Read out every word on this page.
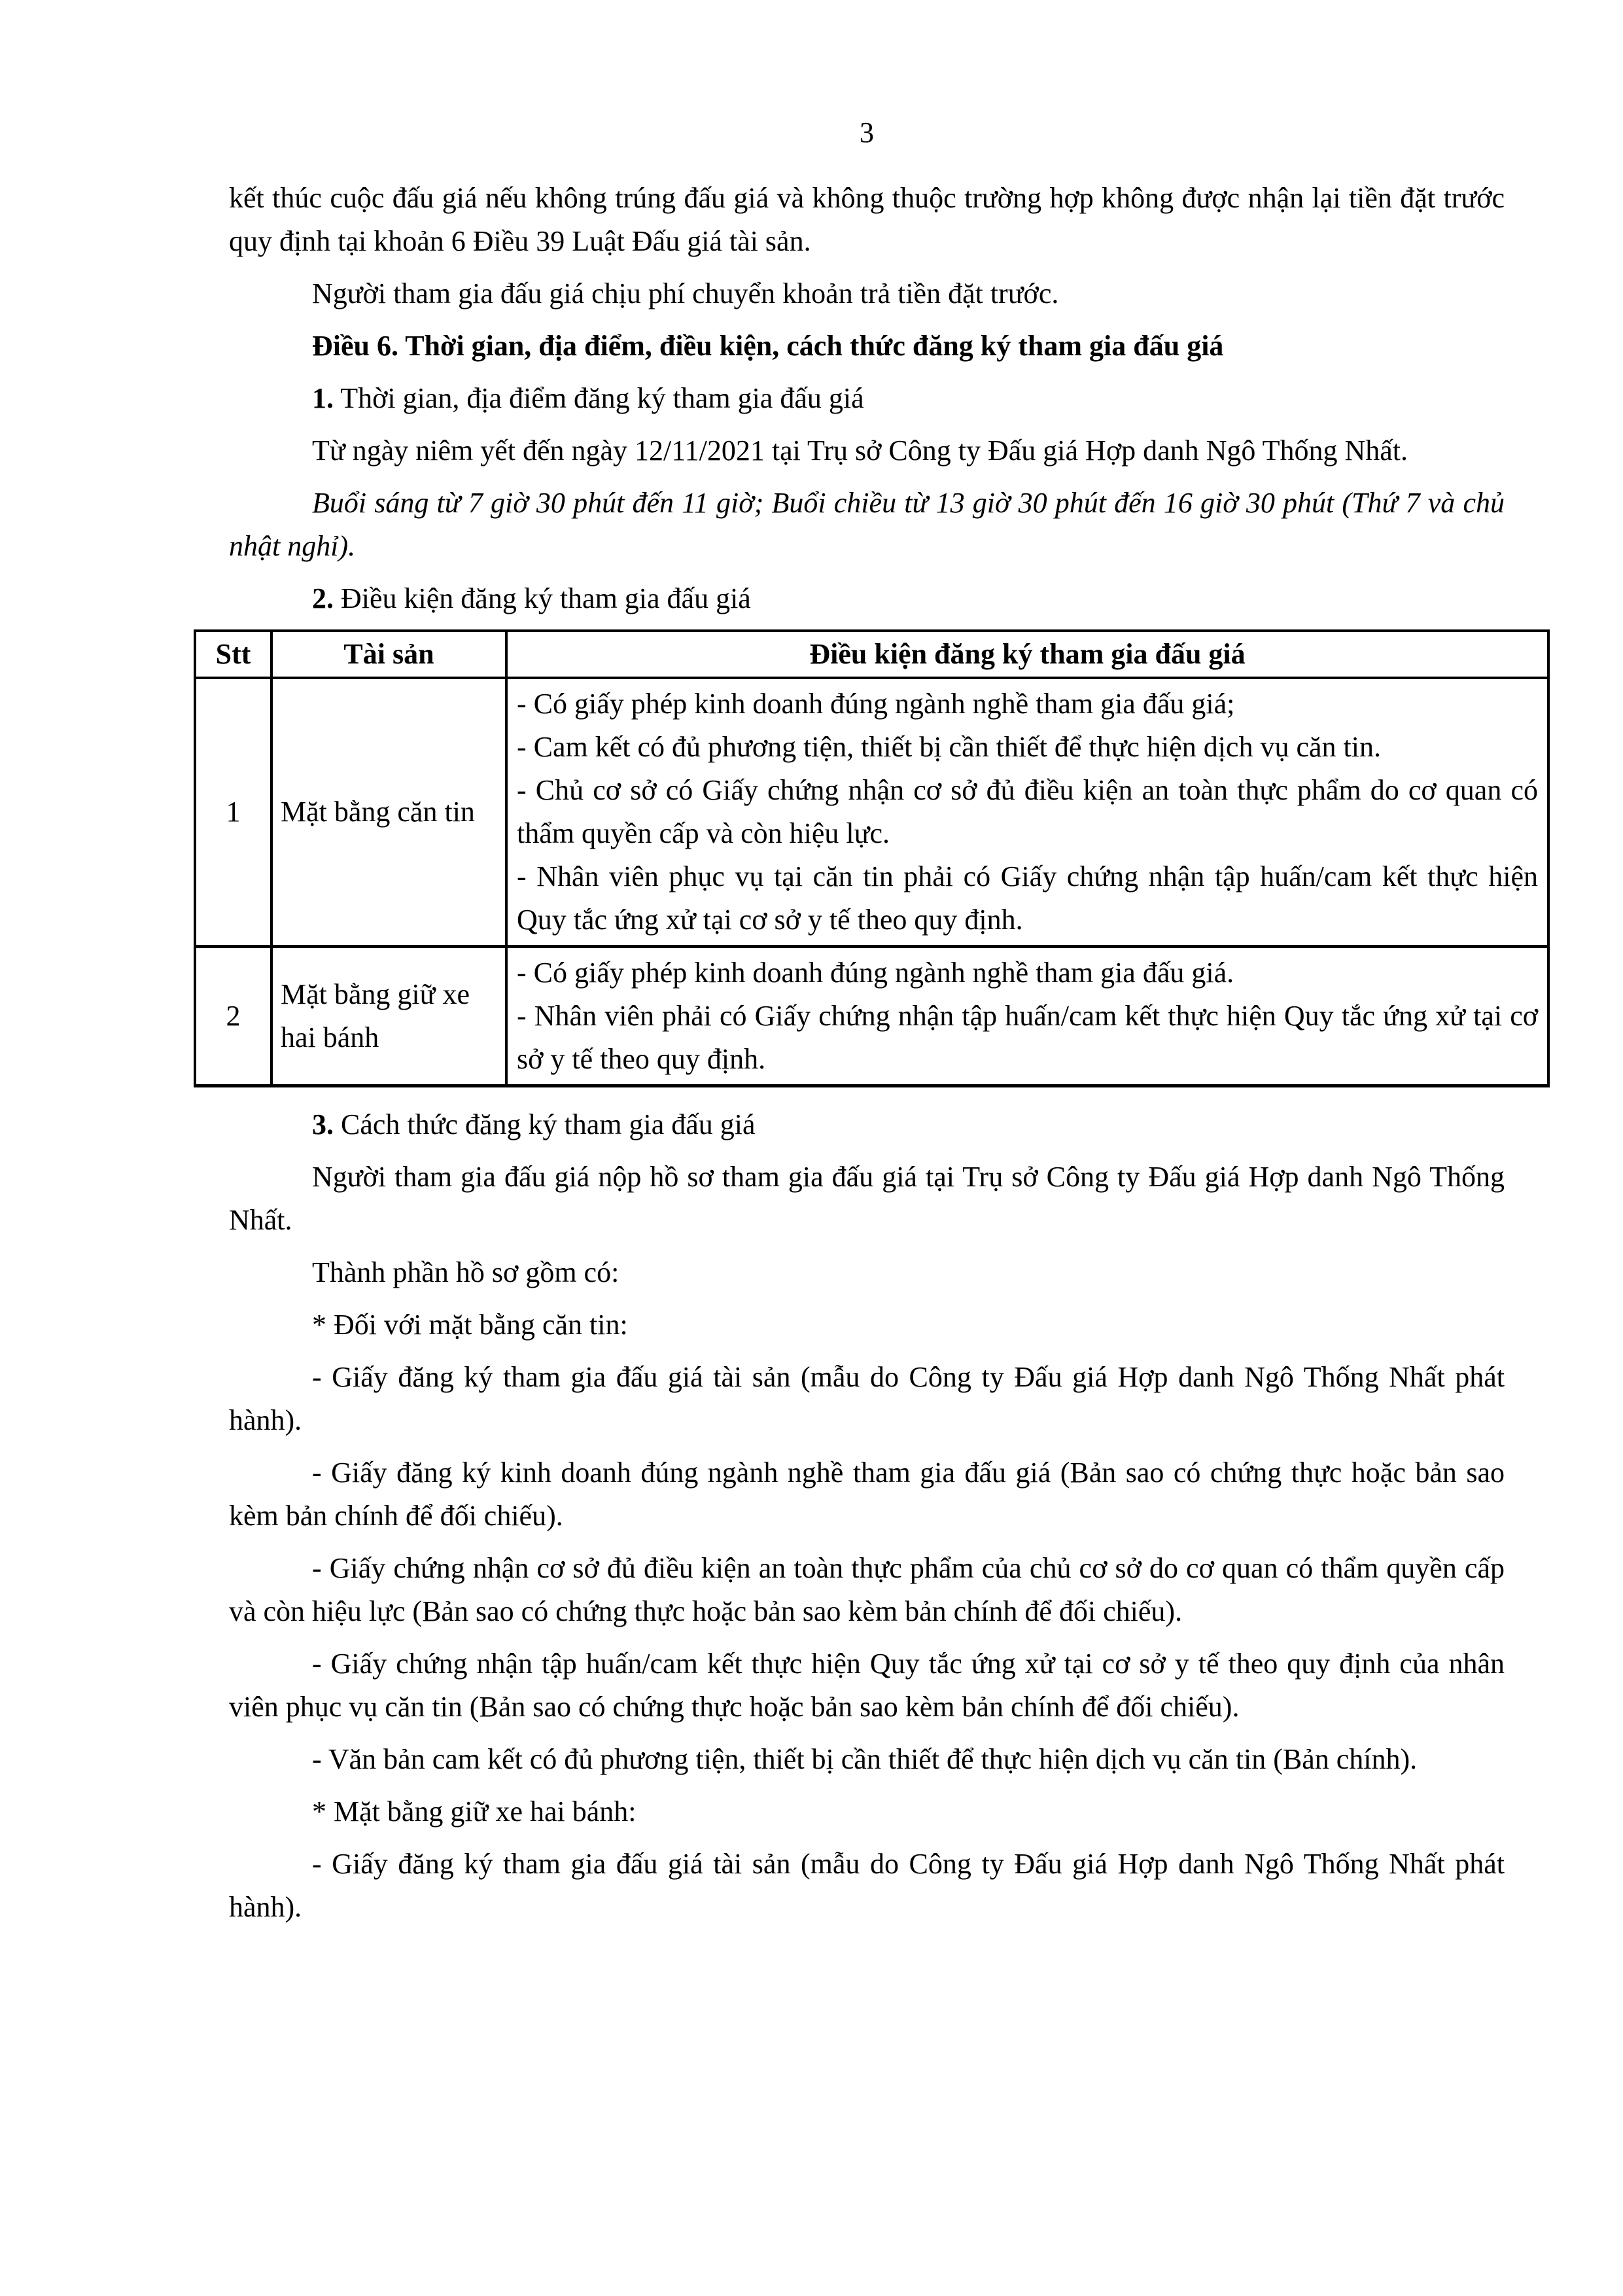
3

kết thúc cuộc đấu giá nếu không trúng đấu giá và không thuộc trường hợp không được nhận lại tiền đặt trước quy định tại khoản 6 Điều 39 Luật Đấu giá tài sản.

Người tham gia đấu giá chịu phí chuyển khoản trả tiền đặt trước.

Điều 6. Thời gian, địa điểm, điều kiện, cách thức đăng ký tham gia đấu giá

1. Thời gian, địa điểm đăng ký tham gia đấu giá

Từ ngày niêm yết đến ngày 12/11/2021 tại Trụ sở Công ty Đấu giá Hợp danh Ngô Thống Nhất.

Buổi sáng từ 7 giờ 30 phút đến 11 giờ; Buổi chiều từ 13 giờ 30 phút đến 16 giờ 30 phút (Thứ 7 và chủ nhật nghỉ).

2. Điều kiện đăng ký tham gia đấu giá

Stt	Tài sản	Điều kiện đăng ký tham gia đấu giá
1	Mặt bằng căn tin	- Có giấy phép kinh doanh đúng ngành nghề tham gia đấu giá;
- Cam kết có đủ phương tiện, thiết bị cần thiết để thực hiện dịch vụ căn tin.
- Chủ cơ sở có Giấy chứng nhận cơ sở đủ điều kiện an toàn thực phẩm do cơ quan có thẩm quyền cấp và còn hiệu lực.
- Nhân viên phục vụ tại căn tin phải có Giấy chứng nhận tập huấn/cam kết thực hiện Quy tắc ứng xử tại cơ sở y tế theo quy định.

2	Mặt bằng giữ xe hai bánh	- Có giấy phép kinh doanh đúng ngành nghề tham gia đấu giá.
- Nhân viên phải có Giấy chứng nhận tập huấn/cam kết thực hiện Quy tắc ứng xử tại cơ sở y tế theo quy định.

3. Cách thức đăng ký tham gia đấu giá

Người tham gia đấu giá nộp hồ sơ tham gia đấu giá tại Trụ sở Công ty Đấu giá Hợp danh Ngô Thống Nhất.

Thành phần hồ sơ gồm có:

* Đối với mặt bằng căn tin:

- Giấy đăng ký tham gia đấu giá tài sản (mẫu do Công ty Đấu giá Hợp danh Ngô Thống Nhất phát hành).

- Giấy đăng ký kinh doanh đúng ngành nghề tham gia đấu giá (Bản sao có chứng thực hoặc bản sao kèm bản chính để đối chiếu).

- Giấy chứng nhận cơ sở đủ điều kiện an toàn thực phẩm của chủ cơ sở do cơ quan có thẩm quyền cấp và còn hiệu lực (Bản sao có chứng thực hoặc bản sao kèm bản chính để đối chiếu).

- Giấy chứng nhận tập huấn/cam kết thực hiện Quy tắc ứng xử tại cơ sở y tế theo quy định của nhân viên phục vụ căn tin (Bản sao có chứng thực hoặc bản sao kèm bản chính để đối chiếu).

- Văn bản cam kết có đủ phương tiện, thiết bị cần thiết để thực hiện dịch vụ căn tin (Bản chính).

* Mặt bằng giữ xe hai bánh:

- Giấy đăng ký tham gia đấu giá tài sản (mẫu do Công ty Đấu giá Hợp danh Ngô Thống Nhất phát hành).
